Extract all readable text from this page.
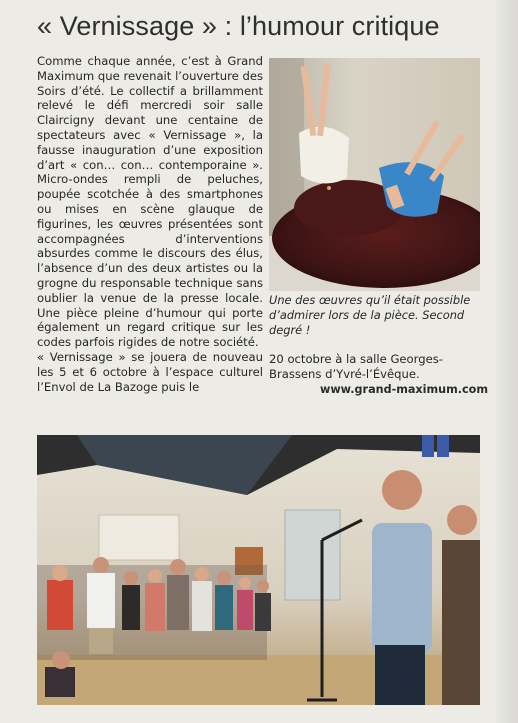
« Vernissage » : l’humour critique

Comme chaque année, c’est à Grand Maximum que revenait l’ouverture des Soirs d’été. Le collectif a brillamment relevé le défi mercredi soir salle Claircigny devant une centaine de spectateurs avec « Vernissage », la fausse inauguration d’une exposition d’art « con… con… contemporaine ». Micro-ondes rempli de peluches, poupée scotchée à des smartphones ou mises en scène glauque de figurines, les œuvres présentées sont accompagnées d’interventions absurdes comme le discours des élus, l’absence d’un des deux artistes ou la grogne du responsable technique sans oublier la venue de la presse locale. Une pièce pleine d’humour qui porte également un regard critique sur les codes parfois rigides de notre société.

« Vernissage » se jouera de nouveau les 5 et 6 octobre à l’espace culturel l’Envol de La Bazoge puis le

Une des œuvres qu’il était possible d’admirer lors de la pièce. Second degré !
20 octobre à la salle Georges-Brassens d’Yvré-l’Évêque.
www.grand-maximum.com
